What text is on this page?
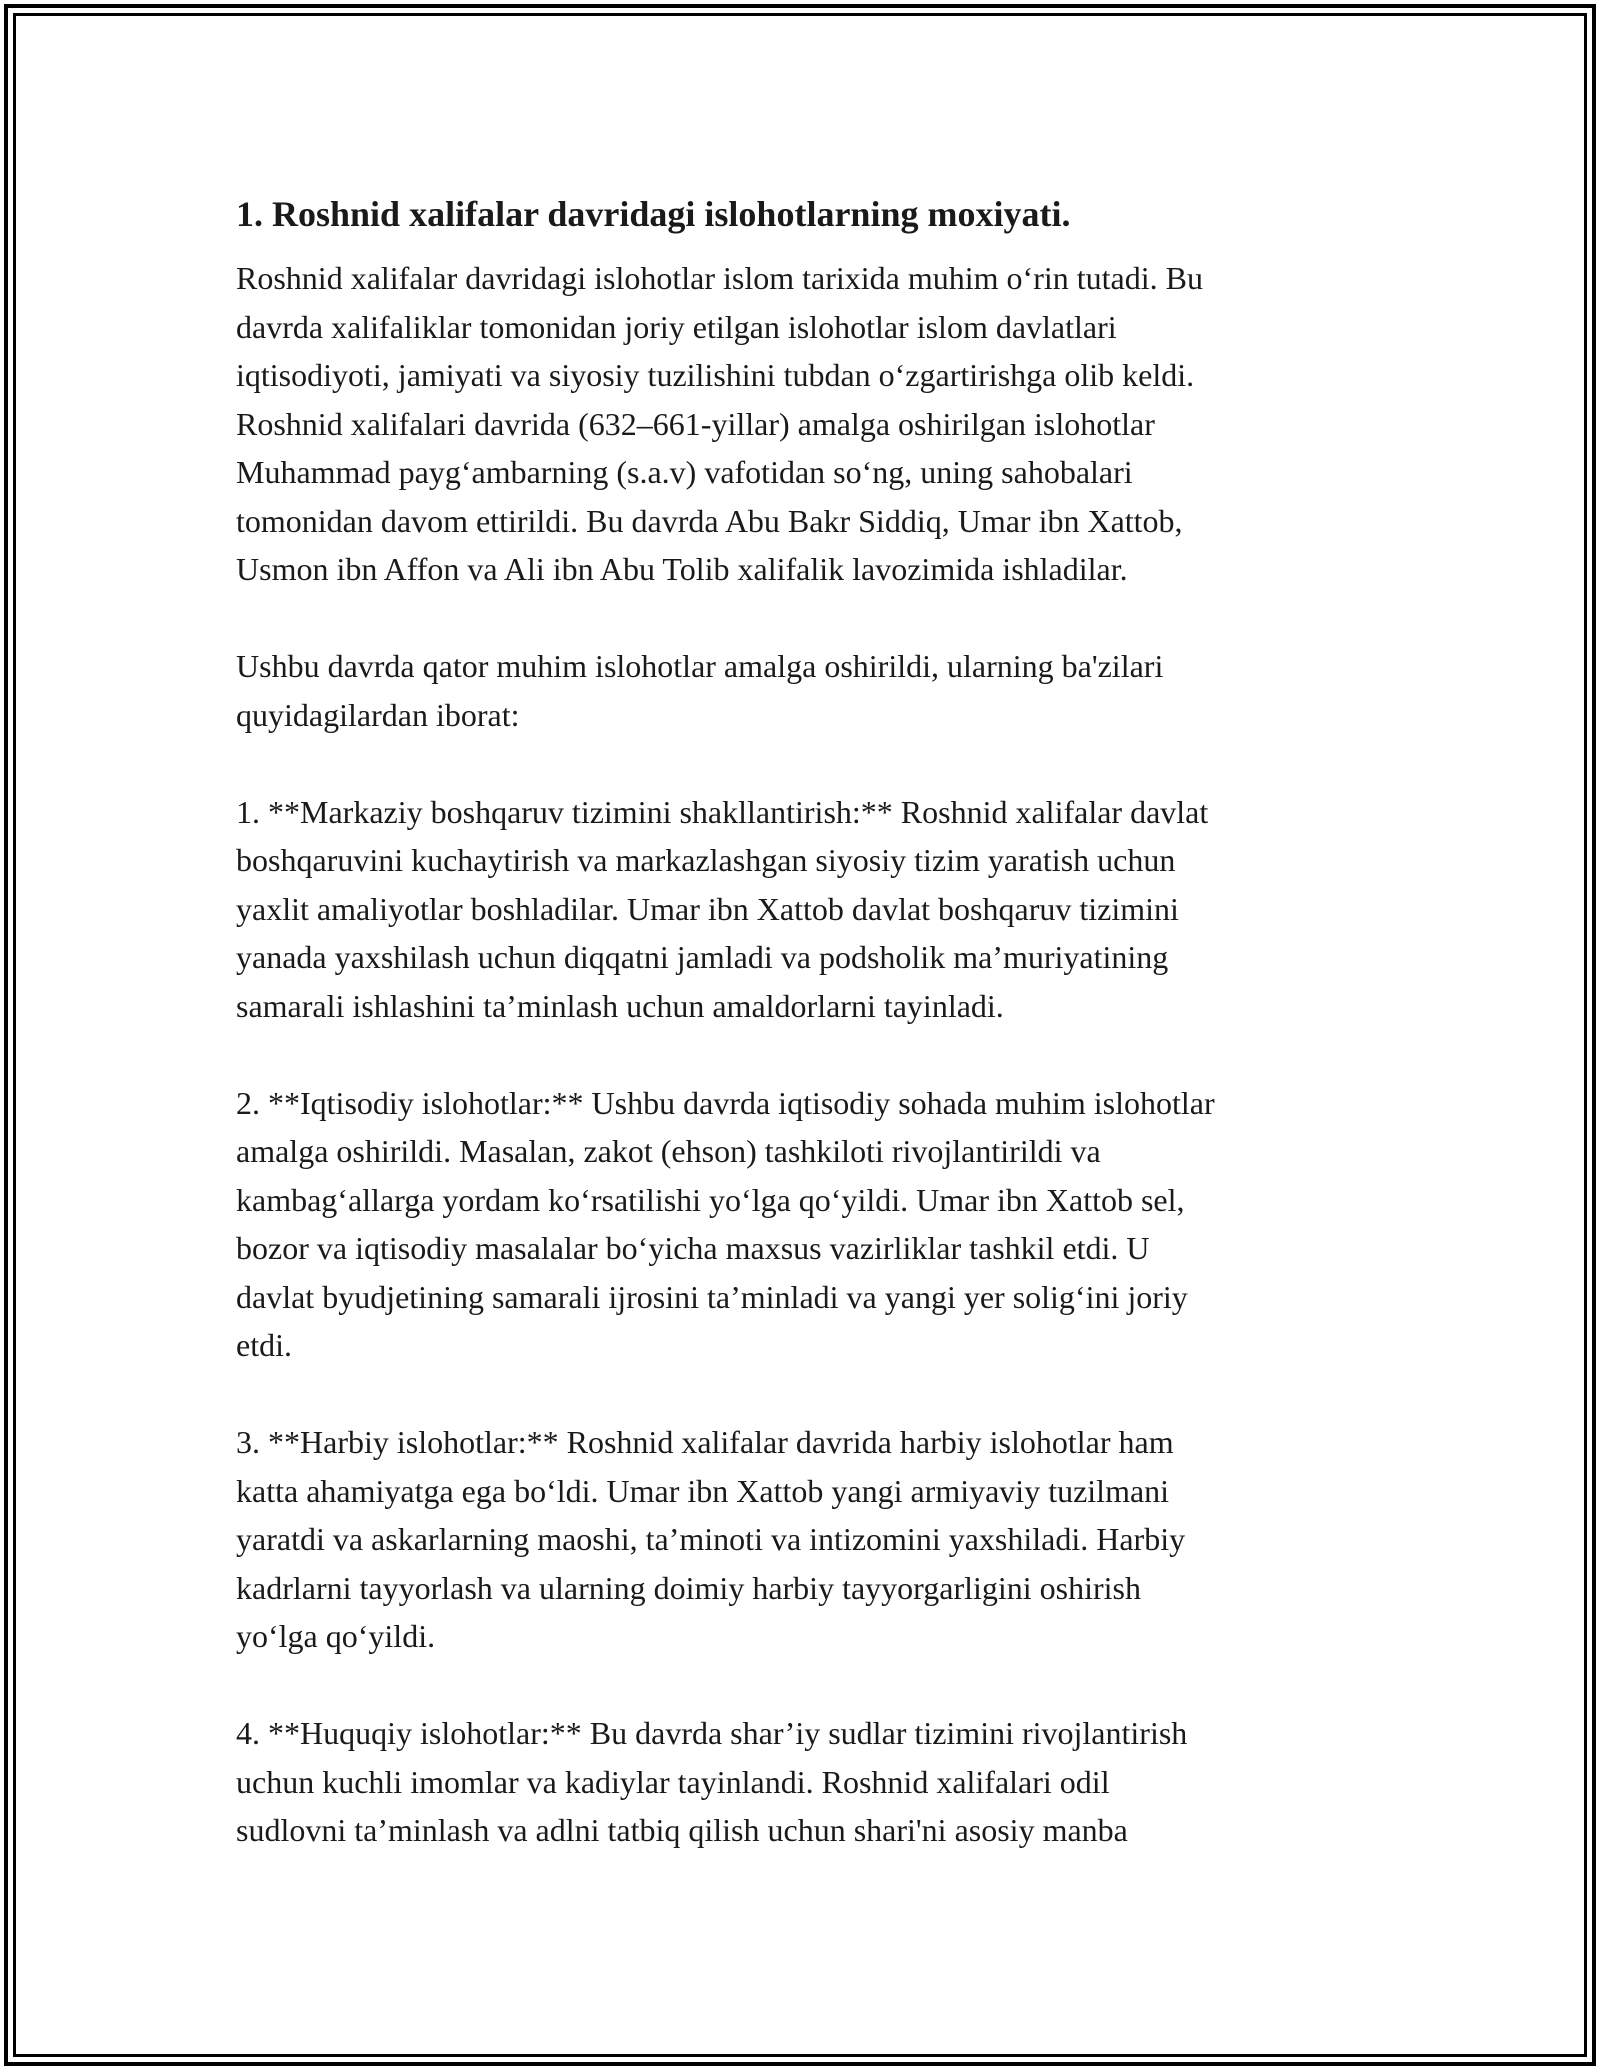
1. Roshnid xalifalar davridagi islohotlarning moxiyati.
Roshnid xalifalar davridagi islohotlar islom tarixida muhim o‘rin tutadi. Bu
davrda xalifaliklar tomonidan joriy etilgan islohotlar islom davlatlari
iqtisodiyoti, jamiyati va siyosiy tuzilishini tubdan o‘zgartirishga olib keldi.
Roshnid xalifalari davrida (632–661-yillar) amalga oshirilgan islohotlar
Muhammad payg‘ambarning (s.a.v) vafotidan so‘ng, uning sahobalari
tomonidan davom ettirildi. Bu davrda Abu Bakr Siddiq, Umar ibn Xattob,
Usmon ibn Affon va Ali ibn Abu Tolib xalifalik lavozimida ishladilar.
Ushbu davrda qator muhim islohotlar amalga oshirildi, ularning ba'zilari
quyidagilardan iborat:
1. **Markaziy boshqaruv tizimini shakllantirish:** Roshnid xalifalar davlat
boshqaruvini kuchaytirish va markazlashgan siyosiy tizim yaratish uchun
yaxlit amaliyotlar boshladilar. Umar ibn Xattob davlat boshqaruv tizimini
yanada yaxshilash uchun diqqatni jamladi va podsholik ma’muriyatining
samarali ishlashini ta’minlash uchun amaldorlarni tayinladi.
2. **Iqtisodiy islohotlar:** Ushbu davrda iqtisodiy sohada muhim islohotlar
amalga oshirildi. Masalan, zakot (ehson) tashkiloti rivojlantirildi va
kambag‘allarga yordam ko‘rsatilishi yo‘lga qo‘yildi. Umar ibn Xattob sel,
bozor va iqtisodiy masalalar bo‘yicha maxsus vazirliklar tashkil etdi. U
davlat byudjetining samarali ijrosini ta’minladi va yangi yer solig‘ini joriy
etdi.
3. **Harbiy islohotlar:** Roshnid xalifalar davrida harbiy islohotlar ham
katta ahamiyatga ega bo‘ldi. Umar ibn Xattob yangi armiyaviy tuzilmani
yaratdi va askarlarning maoshi, ta’minoti va intizomini yaxshiladi. Harbiy
kadrlarni tayyorlash va ularning doimiy harbiy tayyorgarligini oshirish
yo‘lga qo‘yildi.
4. **Huquqiy islohotlar:** Bu davrda shar’iy sudlar tizimini rivojlantirish
uchun kuchli imomlar va kadiylar tayinlandi. Roshnid xalifalari odil
sudlovni ta’minlash va adlni tatbiq qilish uchun shari'ni asosiy manba
